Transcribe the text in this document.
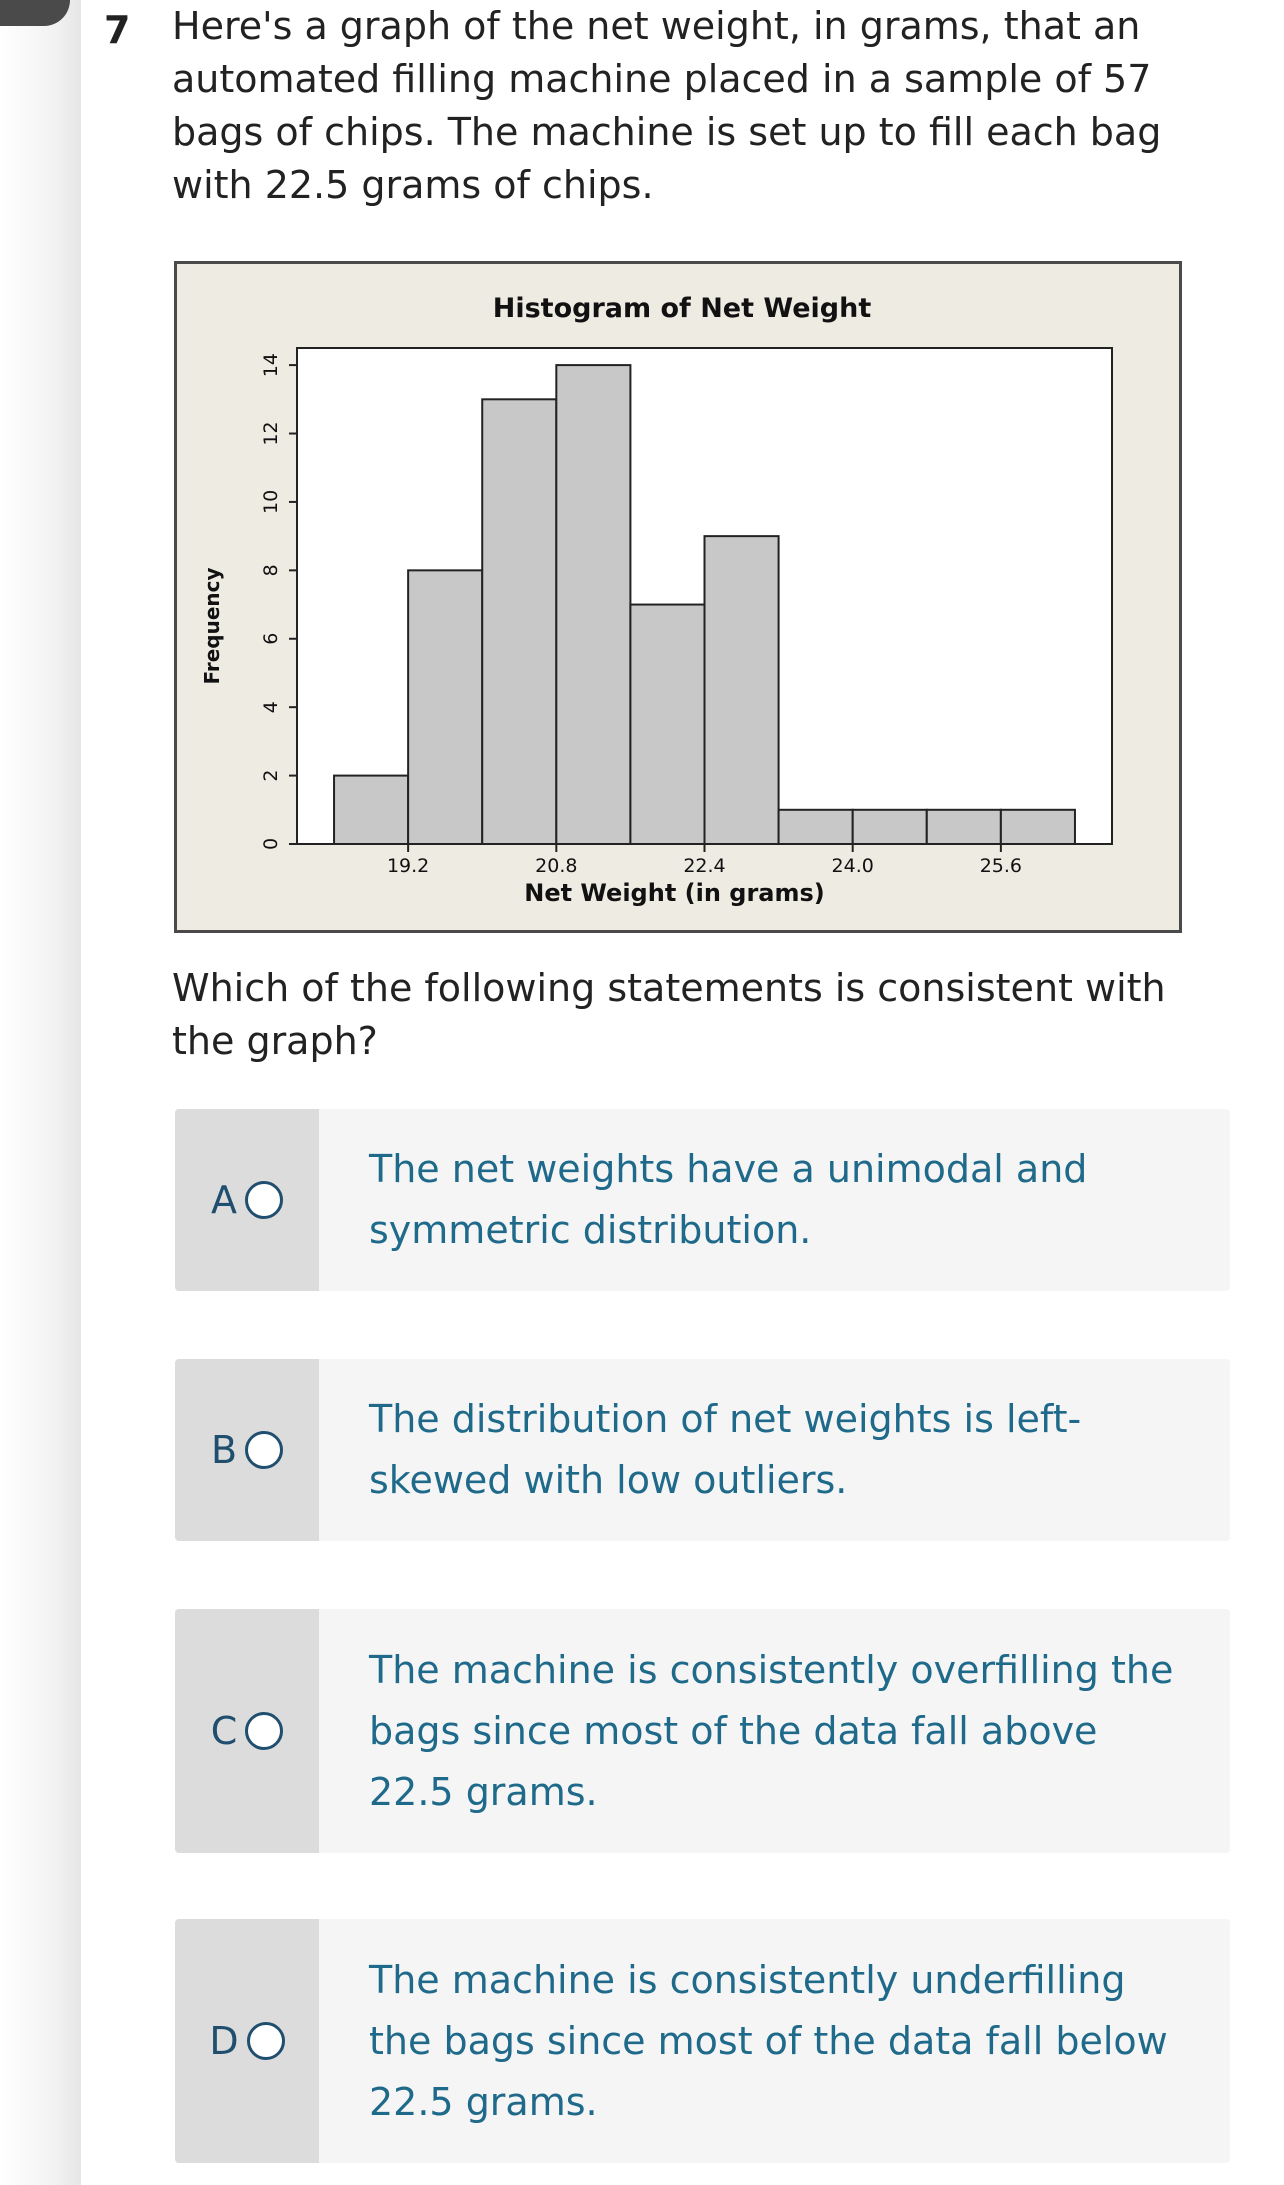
7 Here's a graph of the net weight, in grams, that an automated filling machine placed in a sample of 57 bags of chips. The machine is set up to fill each bag with 22.5 grams of chips.

Histogram of Net Weight
0
2
4
6
8
10
12
14
19.2	20.8	22.4	24.0	25.6
Frequency
Net Weight (in grams)

Which of the following statements is consistent with the graph?

A
The net weights have a unimodal and symmetric distribution.
B
The distribution of net weights is left-skewed with low outliers.
C
The machine is consistently overfilling the bags since most of the data fall above 22.5 grams.
D
The machine is consistently underfilling the bags since most of the data fall below 22.5 grams.
